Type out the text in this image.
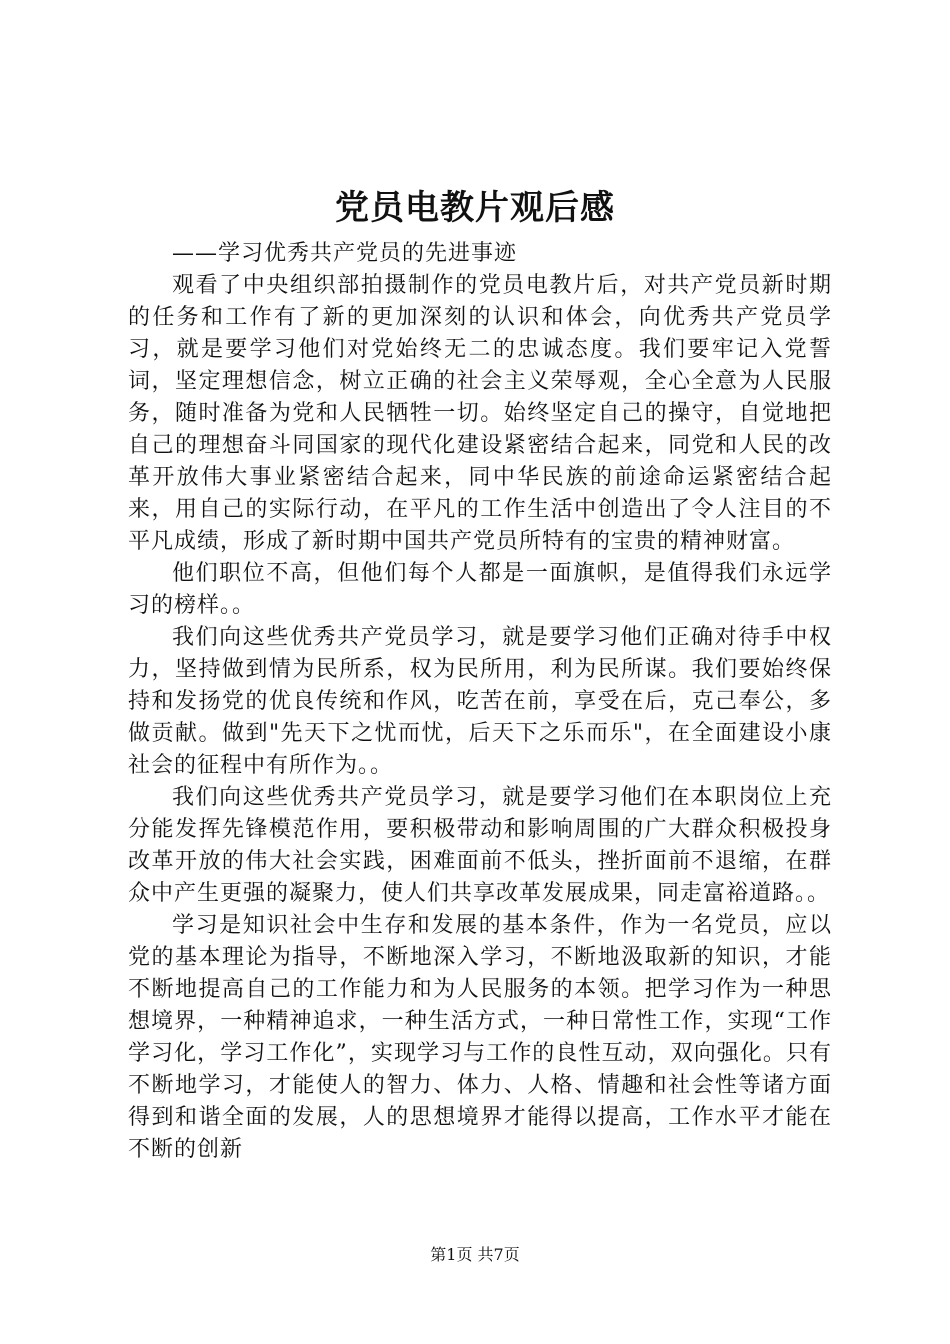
党员电教片观后感

——学习优秀共产党员的先进事迹

观看了中央组织部拍摄制作的党员电教片后，对共产党员新时期的任务和工作有了新的更加深刻的认识和体会，向优秀共产党员学习，就是要学习他们对党始终无二的忠诚态度。我们要牢记入党誓词，坚定理想信念，树立正确的社会主义荣辱观，全心全意为人民服务，随时准备为党和人民牺牲一切。始终坚定自己的操守，自觉地把自己的理想奋斗同国家的现代化建设紧密结合起来，同党和人民的改革开放伟大事业紧密结合起来，同中华民族的前途命运紧密结合起来，用自己的实际行动，在平凡的工作生活中创造出了令人注目的不平凡成绩，形成了新时期中国共产党员所特有的宝贵的精神财富。

他们职位不高，但他们每个人都是一面旗帜，是值得我们永远学习的榜样。。

我们向这些优秀共产党员学习，就是要学习他们正确对待手中权力，坚持做到情为民所系，权为民所用，利为民所谋。我们要始终保持和发扬党的优良传统和作风，吃苦在前，享受在后，克己奉公，多做贡献。做到"先天下之忧而忧，后天下之乐而乐"，在全面建设小康社会的征程中有所作为。。

我们向这些优秀共产党员学习，就是要学习他们在本职岗位上充分能发挥先锋模范作用，要积极带动和影响周围的广大群众积极投身改革开放的伟大社会实践，困难面前不低头，挫折面前不退缩，在群众中产生更强的凝聚力，使人们共享改革发展成果，同走富裕道路。。

学习是知识社会中生存和发展的基本条件，作为一名党员，应以党的基本理论为指导，不断地深入学习，不断地汲取新的知识，才能不断地提高自己的工作能力和为人民服务的本领。把学习作为一种思想境界，一种精神追求，一种生活方式，一种日常性工作，实现“工作学习化，学习工作化”，实现学习与工作的良性互动，双向强化。只有不断地学习，才能使人的智力、体力、人格、情趣和社会性等诸方面得到和谐全面的发展，人的思想境界才能得以提高，工作水平才能在不断的创新

第1页 共7页
